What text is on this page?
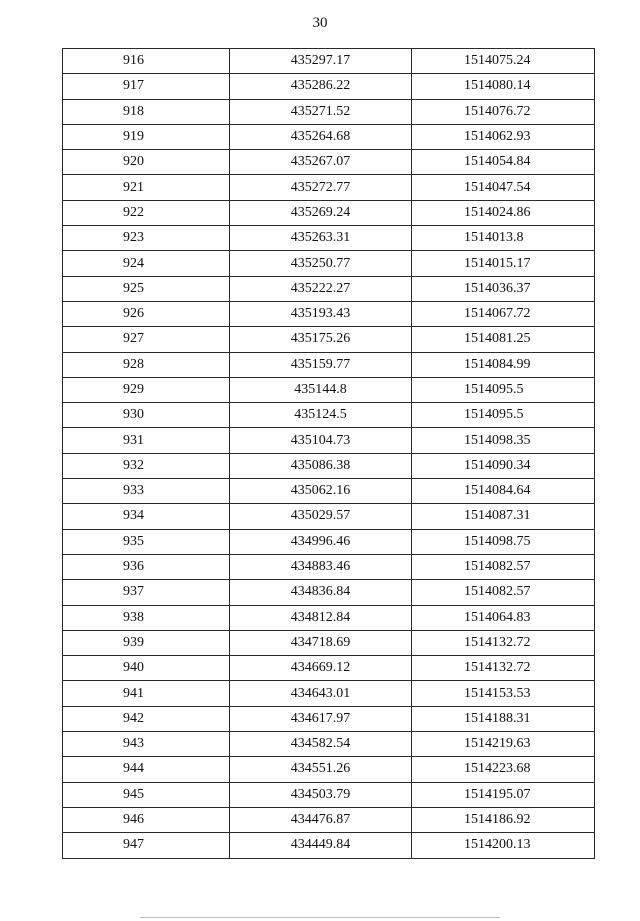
30
916	435297.17	1514075.24
917	435286.22	1514080.14
918	435271.52	1514076.72
919	435264.68	1514062.93
920	435267.07	1514054.84
921	435272.77	1514047.54
922	435269.24	1514024.86
923	435263.31	1514013.8
924	435250.77	1514015.17
925	435222.27	1514036.37
926	435193.43	1514067.72
927	435175.26	1514081.25
928	435159.77	1514084.99
929	435144.8	1514095.5
930	435124.5	1514095.5
931	435104.73	1514098.35
932	435086.38	1514090.34
933	435062.16	1514084.64
934	435029.57	1514087.31
935	434996.46	1514098.75
936	434883.46	1514082.57
937	434836.84	1514082.57
938	434812.84	1514064.83
939	434718.69	1514132.72
940	434669.12	1514132.72
941	434643.01	1514153.53
942	434617.97	1514188.31
943	434582.54	1514219.63
944	434551.26	1514223.68
945	434503.79	1514195.07
946	434476.87	1514186.92
947	434449.84	1514200.13
